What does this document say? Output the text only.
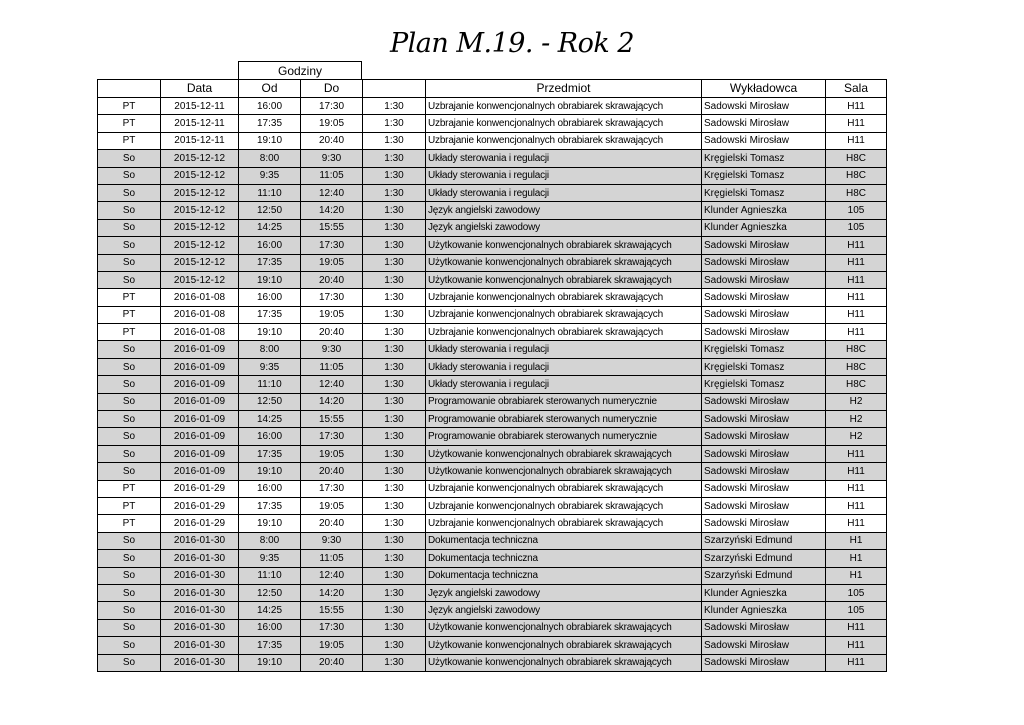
Plan M.19. - Rok 2
Godziny
	Data	Od	Do		Przedmiot	Wykładowca	Sala
PT	2015-12-11	16:00	17:30	1:30	Uzbrajanie konwencjonalnych obrabiarek skrawających	Sadowski Mirosław	H11
PT	2015-12-11	17:35	19:05	1:30	Uzbrajanie konwencjonalnych obrabiarek skrawających	Sadowski Mirosław	H11
PT	2015-12-11	19:10	20:40	1:30	Uzbrajanie konwencjonalnych obrabiarek skrawających	Sadowski Mirosław	H11
So	2015-12-12	8:00	9:30	1:30	Układy sterowania i regulacji	Kręgielski Tomasz	H8C
So	2015-12-12	9:35	11:05	1:30	Układy sterowania i regulacji	Kręgielski Tomasz	H8C
So	2015-12-12	11:10	12:40	1:30	Układy sterowania i regulacji	Kręgielski Tomasz	H8C
So	2015-12-12	12:50	14:20	1:30	Język angielski zawodowy	Klunder Agnieszka	105
So	2015-12-12	14:25	15:55	1:30	Język angielski zawodowy	Klunder Agnieszka	105
So	2015-12-12	16:00	17:30	1:30	Użytkowanie konwencjonalnych obrabiarek skrawających	Sadowski Mirosław	H11
So	2015-12-12	17:35	19:05	1:30	Użytkowanie konwencjonalnych obrabiarek skrawających	Sadowski Mirosław	H11
So	2015-12-12	19:10	20:40	1:30	Użytkowanie konwencjonalnych obrabiarek skrawających	Sadowski Mirosław	H11
PT	2016-01-08	16:00	17:30	1:30	Uzbrajanie konwencjonalnych obrabiarek skrawających	Sadowski Mirosław	H11
PT	2016-01-08	17:35	19:05	1:30	Uzbrajanie konwencjonalnych obrabiarek skrawających	Sadowski Mirosław	H11
PT	2016-01-08	19:10	20:40	1:30	Uzbrajanie konwencjonalnych obrabiarek skrawających	Sadowski Mirosław	H11
So	2016-01-09	8:00	9:30	1:30	Układy sterowania i regulacji	Kręgielski Tomasz	H8C
So	2016-01-09	9:35	11:05	1:30	Układy sterowania i regulacji	Kręgielski Tomasz	H8C
So	2016-01-09	11:10	12:40	1:30	Układy sterowania i regulacji	Kręgielski Tomasz	H8C
So	2016-01-09	12:50	14:20	1:30	Programowanie obrabiarek sterowanych numerycznie	Sadowski Mirosław	H2
So	2016-01-09	14:25	15:55	1:30	Programowanie obrabiarek sterowanych numerycznie	Sadowski Mirosław	H2
So	2016-01-09	16:00	17:30	1:30	Programowanie obrabiarek sterowanych numerycznie	Sadowski Mirosław	H2
So	2016-01-09	17:35	19:05	1:30	Użytkowanie konwencjonalnych obrabiarek skrawających	Sadowski Mirosław	H11
So	2016-01-09	19:10	20:40	1:30	Użytkowanie konwencjonalnych obrabiarek skrawających	Sadowski Mirosław	H11
PT	2016-01-29	16:00	17:30	1:30	Uzbrajanie konwencjonalnych obrabiarek skrawających	Sadowski Mirosław	H11
PT	2016-01-29	17:35	19:05	1:30	Uzbrajanie konwencjonalnych obrabiarek skrawających	Sadowski Mirosław	H11
PT	2016-01-29	19:10	20:40	1:30	Uzbrajanie konwencjonalnych obrabiarek skrawających	Sadowski Mirosław	H11
So	2016-01-30	8:00	9:30	1:30	Dokumentacja techniczna	Szarzyński Edmund	H1
So	2016-01-30	9:35	11:05	1:30	Dokumentacja techniczna	Szarzyński Edmund	H1
So	2016-01-30	11:10	12:40	1:30	Dokumentacja techniczna	Szarzyński Edmund	H1
So	2016-01-30	12:50	14:20	1:30	Język angielski zawodowy	Klunder Agnieszka	105
So	2016-01-30	14:25	15:55	1:30	Język angielski zawodowy	Klunder Agnieszka	105
So	2016-01-30	16:00	17:30	1:30	Użytkowanie konwencjonalnych obrabiarek skrawających	Sadowski Mirosław	H11
So	2016-01-30	17:35	19:05	1:30	Użytkowanie konwencjonalnych obrabiarek skrawających	Sadowski Mirosław	H11
So	2016-01-30	19:10	20:40	1:30	Użytkowanie konwencjonalnych obrabiarek skrawających	Sadowski Mirosław	H11
